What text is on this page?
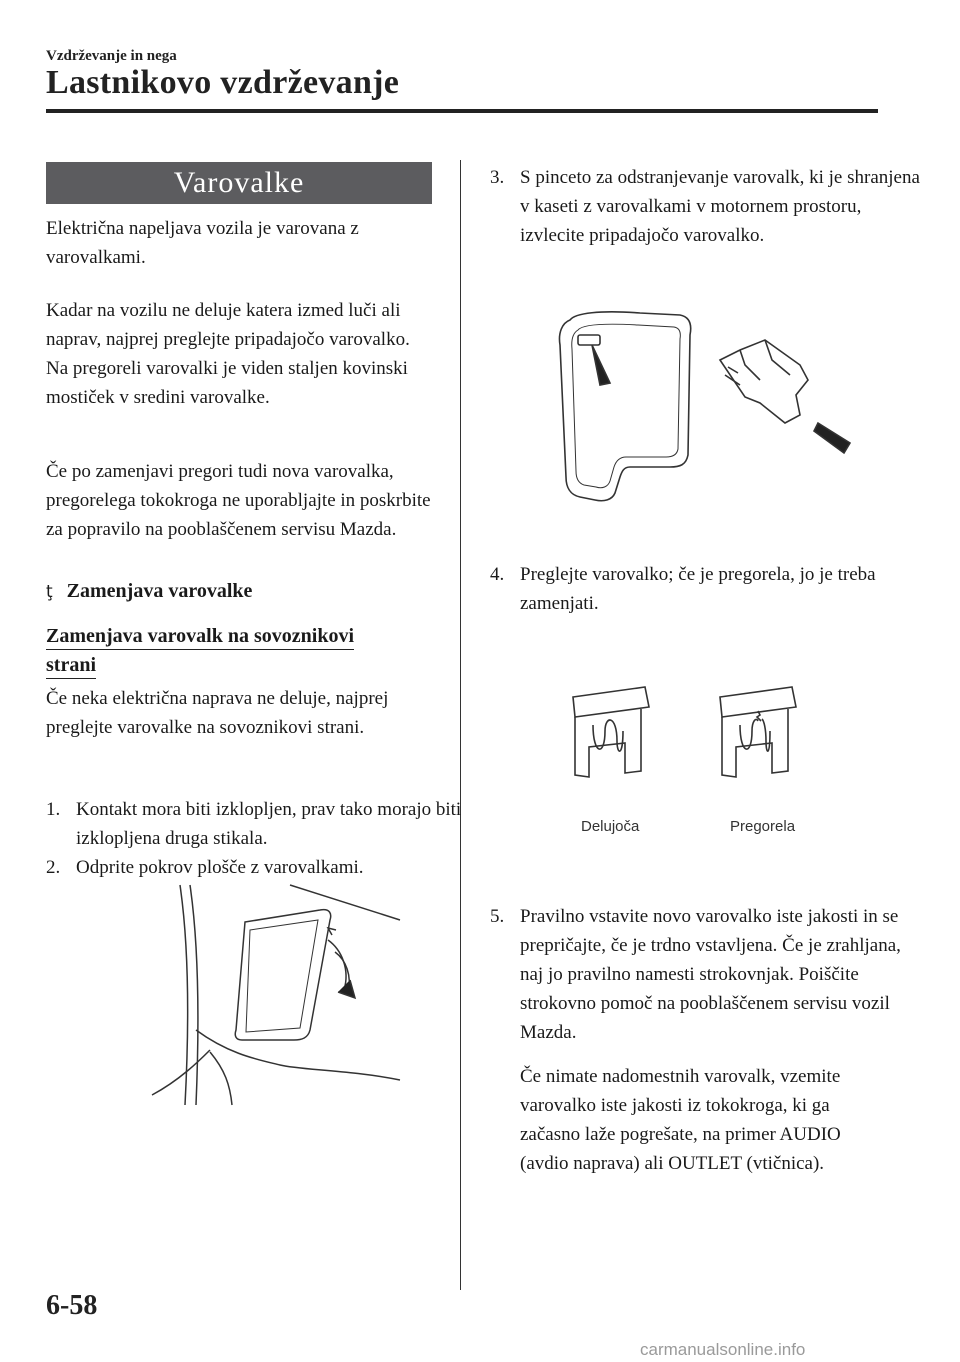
Vzdrževanje in nega
Lastnikovo vzdrževanje
Varovalke
Električna napeljava vozila je varovana z varovalkami.
Kadar na vozilu ne deluje katera izmed luči ali naprav, najprej preglejte pripadajočo varovalko. Na pregoreli varovalki je viden staljen kovinski mostiček v sredini varovalke.
Če po zamenjavi pregori tudi nova varovalka, pregorelega tokokroga ne uporabljajte in poskrbite za popravilo na pooblaščenem servisu Mazda.
ţ Zamenjava varovalke
Zamenjava varovalk na sovoznikovi
strani
Če neka električna naprava ne deluje, najprej preglejte varovalke na sovoznikovi strani.
1. Kontakt mora biti izklopljen, prav tako morajo biti izklopljena druga stikala.
2. Odprite pokrov plošče z varovalkami.
3. S pinceto za odstranjevanje varovalk, ki je shranjena v kaseti z varovalkami v motornem prostoru, izvlecite pripadajočo varovalko.
4. Preglejte varovalko; če je pregorela, jo je treba zamenjati.
Delujoča	Pregorela
5. Pravilno vstavite novo varovalko iste jakosti in se prepričajte, če je trdno vstavljena. Če je zrahljana, naj jo pravilno namesti strokovnjak. Poiščite strokovno pomoč na pooblaščenem servisu vozil Mazda.
Če nimate nadomestnih varovalk, vzemite varovalko iste jakosti iz tokokroga, ki ga začasno laže pogrešate, na primer AUDIO (avdio naprava) ali OUTLET (vtičnica).
6-58
carmanualsonline.info
